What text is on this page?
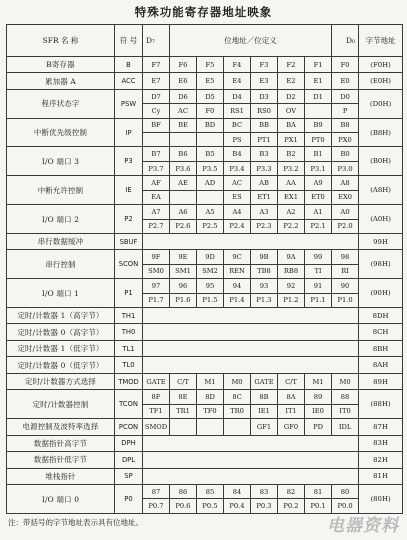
特殊功能寄存器地址映象
SFR 名 称	符 号	D₇	位地址／位定义						D₀	字节地址
B寄存器	B	F7	F6	F5	F4	F3	F2	F1	F0	(F0H)
累加器 A	ACC	E7	E6	E5	E4	E3	E2	E1	E0	(E0H)
程序状态字	PSW	D7	D6	D5	D4	D3	D2	D1	D0	(D0H)
		Cy	AC	F0	RS1	RS0	OV		P	
中断优先级控制	IP	BF	BE	BD	BC	BB	BA	B9	B8	(B8H)
					PS	PT1	PX1	PT0	PX0	
I/O 端口 3	P3	B7	B6	B5	B4	B3	B2	B1	B0	(B0H)
		P3.7	P3.6	P3.5	P3.4	P3.3	P3.2	P3.1	P3.0	
中断允许控制	IE	AF	AE	AD	AC	AB	AA	A9	A8	(A8H)
		EA			ES	ET1	EX1	ET0	EX0	
I/O 端口 2	P2	A7	A6	A5	A4	A3	A2	A1	A0	(A0H)
		P2.7	P2.6	P2.5	P2.4	P2.3	P2.2	P2.1	P2.0	
串行数据缓冲	SBUF									99H
串行控制	SCON	9F	9E	9D	9C	9B	9A	99	98	(98H)
		SM0	SM1	SM2	REN	TB8	RB8	TI	RI	
I/O 端口 1	P1	97	96	95	94	93	92	91	90	(90H)
		P1.7	P1.6	P1.5	P1.4	P1.3	P1.2	P1.1	P1.0	
定时/计数器 1（高字节）	TH1									8DH
定时/计数器 0（高字节）	TH0									8CH
定时/计数器 1（低字节）	TL1									8BH
定时/计数器 0（低字节）	TL0									8AH
定时/计数器方式选择	TMOD	GATE	C/T	M1	M0	GATE	C/T	M1	M0	89H
定时/计数器控制	TCON	8F	8E	8D	8C	8B	8A	89	88	(88H)
		TF1	TR1	TF0	TR0	IE1	IT1	IE0	IT0	
电源控制及波特率选择	PCON	SMOD				GF1	GF0	PD	IDL	87H
数据指针高字节	DPH									83H
数据指针低字节	DPL									82H
堆栈指针	SP									81H
I/O 端口 0	P0	87	86	85	84	83	82	81	80	(80H)
		P0.7	P0.6	P0.5	P0.4	P0.3	P0.2	P0.1	P0.0	
注：带括号的字节地址表示具有位地址。	电器资料
